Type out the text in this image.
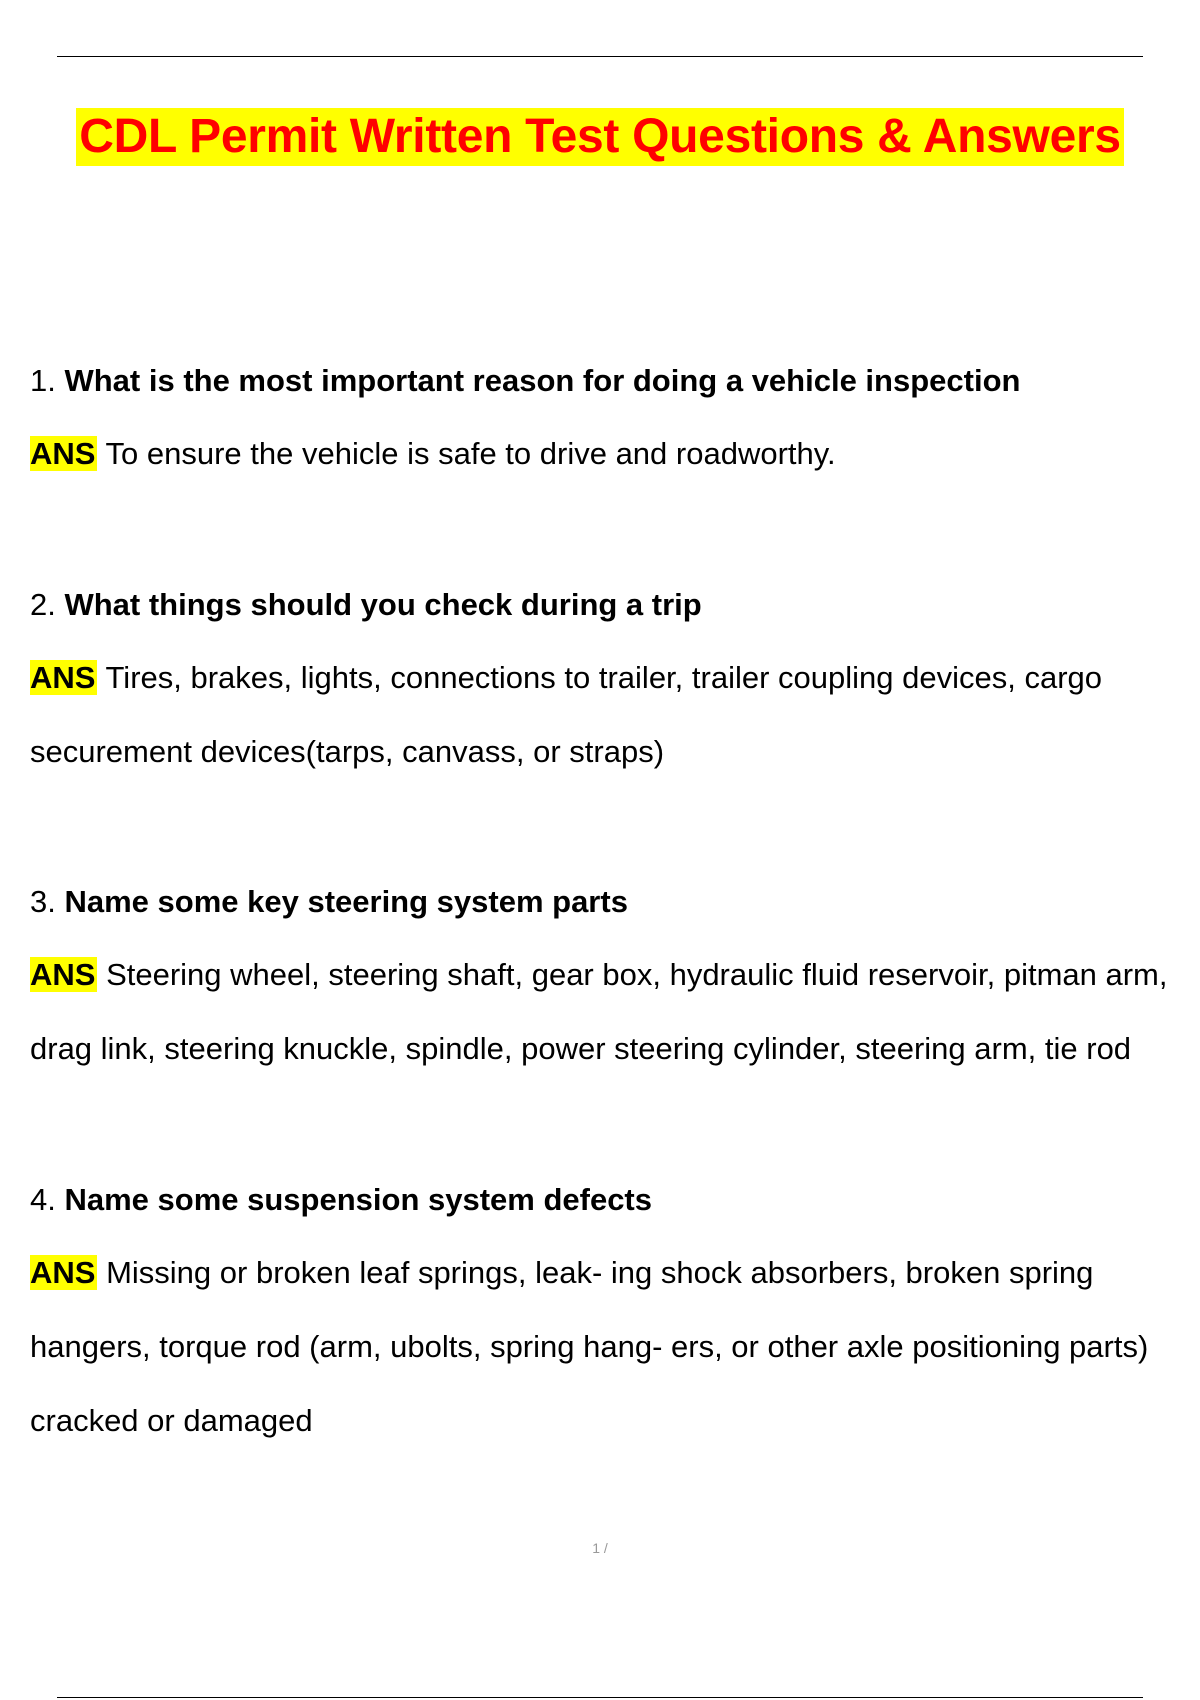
CDL Permit Written Test Questions & Answers
1. What is the most important reason for doing a vehicle inspection
ANS To ensure the vehicle is safe to drive and roadworthy.
2. What things should you check during a trip
ANS Tires, brakes, lights, connections to trailer, trailer coupling devices, cargo securement devices(tarps, canvass, or straps)
3. Name some key steering system parts
ANS Steering wheel, steering shaft, gear box, hydraulic fluid reservoir, pitman arm, drag link, steering knuckle, spindle, power steering cylinder, steering arm, tie rod
4. Name some suspension system defects
ANS Missing or broken leaf springs, leak- ing shock absorbers, broken spring hangers, torque rod (arm, ubolts, spring hang- ers, or other axle positioning parts) cracked or damaged
1 /
